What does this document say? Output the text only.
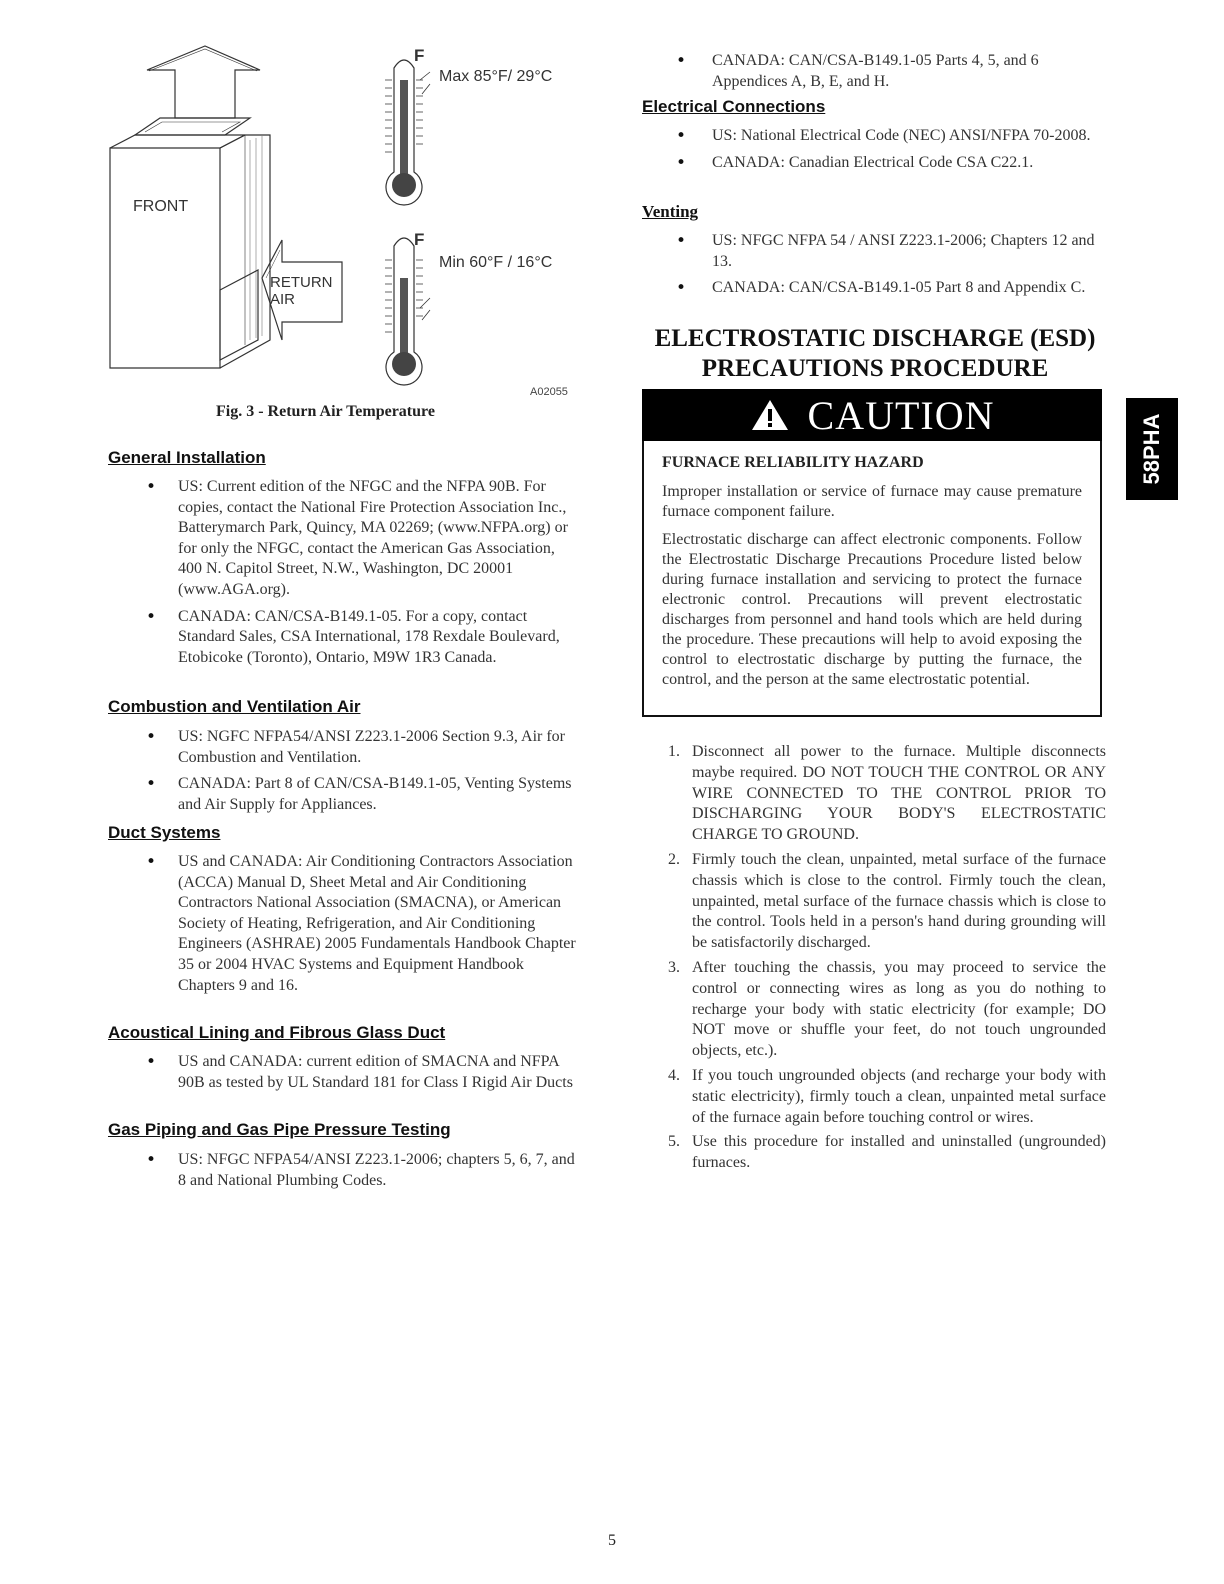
Max 85°F/ 29°C
Min 60°F / 16°C
FRONT
RETURN
AIR
F
F
A02055
Fig. 3 - Return Air Temperature
General Installation
• US: Current edition of the NFGC and the NFPA 90B. For copies, contact the National Fire Protection Association Inc., Batterymarch Park, Quincy, MA 02269; (www.NFPA.org) or for only the NFGC, contact the American Gas Association, 400 N. Capitol Street, N.W., Washington, DC 20001 (www.AGA.org).
• CANADA: CAN/CSA-B149.1-05. For a copy, contact Standard Sales, CSA International, 178 Rexdale Boulevard, Etobicoke (Toronto), Ontario, M9W 1R3 Canada.
Combustion and Ventilation Air
• US: NGFC NFPA54/ANSI Z223.1-2006 Section 9.3, Air for Combustion and Ventilation.
• CANADA: Part 8 of CAN/CSA-B149.1-05, Venting Systems and Air Supply for Appliances.
Duct Systems
• US and CANADA: Air Conditioning Contractors Association (ACCA) Manual D, Sheet Metal and Air Conditioning Contractors National Association (SMACNA), or American Society of Heating, Refrigeration, and Air Conditioning Engineers (ASHRAE) 2005 Fundamentals Handbook Chapter 35 or 2004 HVAC Systems and Equipment Handbook Chapters 9 and 16.
Acoustical Lining and Fibrous Glass Duct
• US and CANADA: current edition of SMACNA and NFPA 90B as tested by UL Standard 181 for Class I Rigid Air Ducts
Gas Piping and Gas Pipe Pressure Testing
• US: NFGC NFPA54/ANSI Z223.1-2006; chapters 5, 6, 7, and 8 and National Plumbing Codes.
• CANADA: CAN/CSA-B149.1-05 Parts 4, 5, and 6 Appendices A, B, E, and H.
Electrical Connections
• US: National Electrical Code (NEC) ANSI/NFPA 70-2008.
• CANADA: Canadian Electrical Code CSA C22.1.
Venting
• US: NFGC NFPA 54 / ANSI Z223.1-2006; Chapters 12 and 13.
• CANADA: CAN/CSA-B149.1-05 Part 8 and Appendix C.
ELECTROSTATIC DISCHARGE (ESD)
PRECAUTIONS PROCEDURE
CAUTION
FURNACE RELIABILITY HAZARD

Improper installation or service of furnace may cause premature furnace component failure.

Electrostatic discharge can affect electronic components. Follow the Electrostatic Discharge Precautions Procedure listed below during furnace installation and servicing to protect the furnace electronic control. Precautions will prevent electrostatic discharges from personnel and hand tools which are held during the procedure. These precautions will help to avoid exposing the control to electrostatic discharge by putting the furnace, the control, and the person at the same electrostatic potential.

1. Disconnect all power to the furnace. Multiple disconnects maybe required. DO NOT TOUCH THE CONTROL OR ANY WIRE CONNECTED TO THE CONTROL PRIOR TO DISCHARGING YOUR BODY'S ELECTROSTATIC CHARGE TO GROUND.
2. Firmly touch the clean, unpainted, metal surface of the furnace chassis which is close to the control. Firmly touch the clean, unpainted, metal surface of the furnace chassis which is close to the control. Tools held in a person's hand during grounding will be satisfactorily discharged.
3. After touching the chassis, you may proceed to service the control or connecting wires as long as you do nothing to recharge your body with static electricity (for example; DO NOT move or shuffle your feet, do not touch ungrounded objects, etc.).
4. If you touch ungrounded objects (and recharge your body with static electricity), firmly touch a clean, unpainted metal surface of the furnace again before touching control or wires.
5. Use this procedure for installed and uninstalled (ungrounded) furnaces.
58PHA
5
